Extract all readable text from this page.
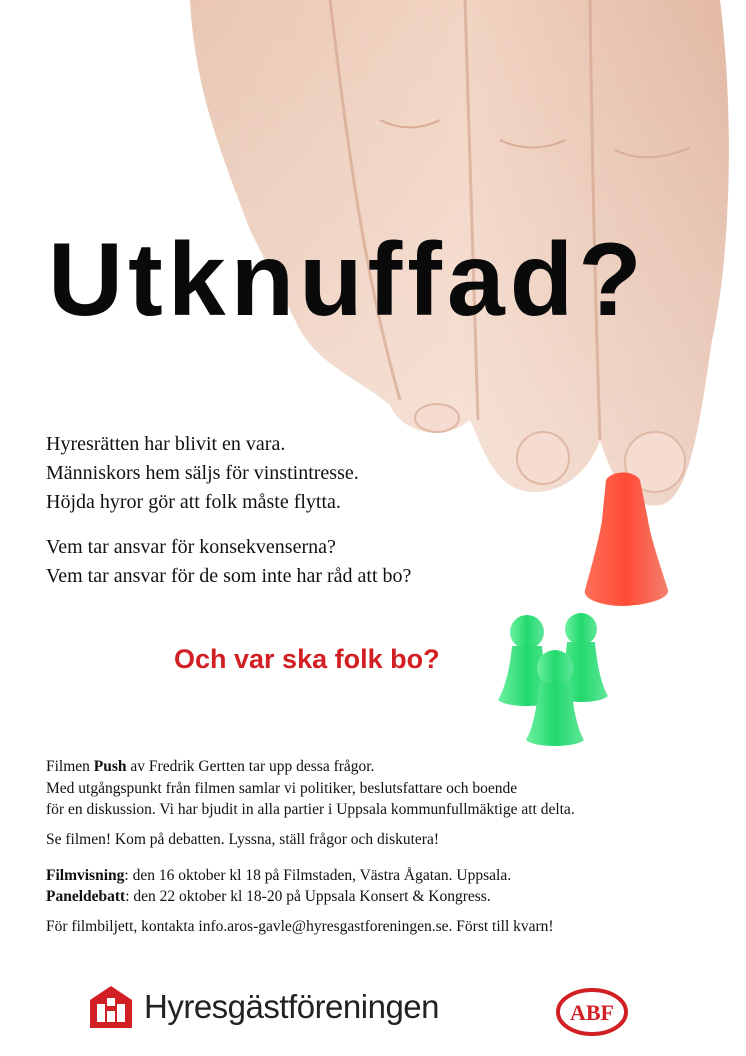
Utknuffad?

Hyresrätten har blivit en vara.

Människors hem säljs för vinstintresse.

Höjda hyror gör att folk måste flytta.

Vem tar ansvar för konsekvenserna?

Vem tar ansvar för de som inte har råd att bo?

Och var ska folk bo?

Filmen Push av Fredrik Gertten tar upp dessa frågor.

Med utgångspunkt från filmen samlar vi politiker, beslutsfattare och boende

för en diskussion. Vi har bjudit in alla partier i Uppsala kommunfullmäktige att delta.

Se filmen! Kom på debatten. Lyssna, ställ frågor och diskutera!

Filmvisning: den 16 oktober kl 18 på Filmstaden, Västra Ågatan. Uppsala.

Paneldebatt: den 22 oktober kl 18-20 på Uppsala Konsert & Kongress.

För filmbiljett, kontakta info.aros-gavle@hyresgastforeningen.se. Först till kvarn!

Hyresgästföreningen	ABF
